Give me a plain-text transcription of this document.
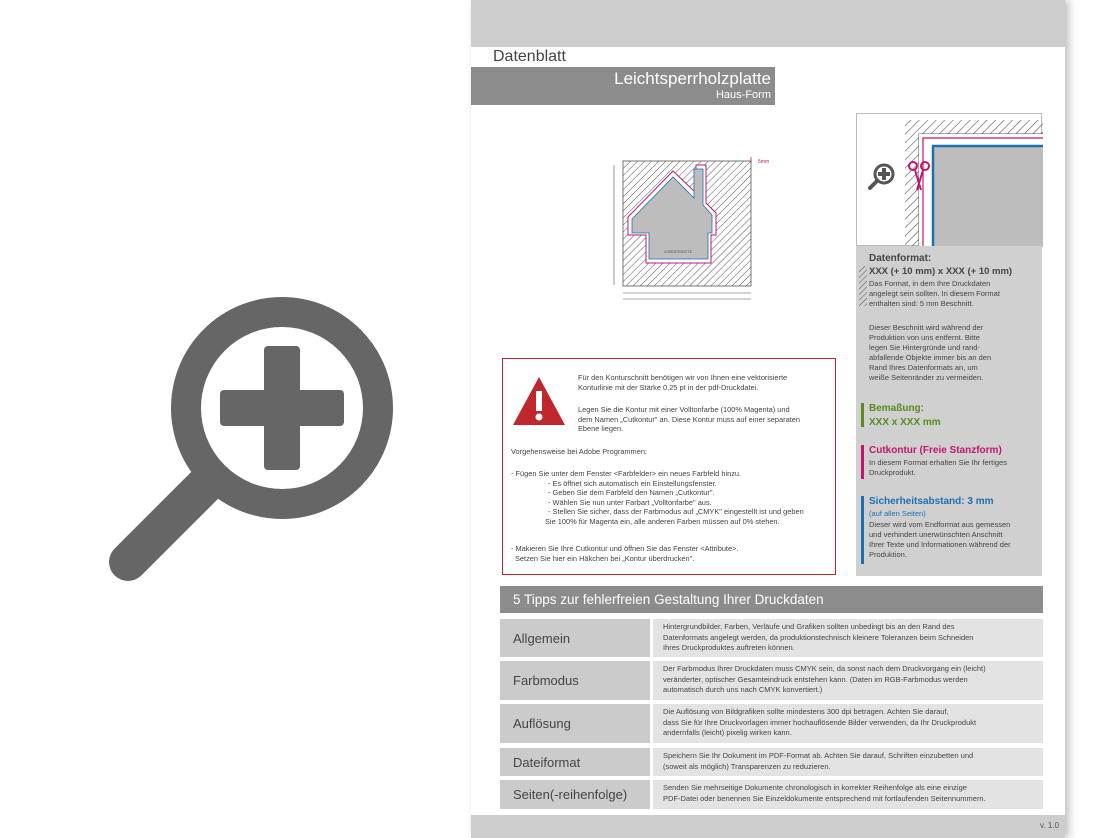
Datenblatt
Leichtsperrholzplatte
Haus-Form
VORDERSEITE
5mm
Datenformat:
XXX (+ 10 mm) x XXX (+ 10 mm)
Das Format, in dem Ihre Druckdaten
angelegt sein sollten. In diesem Format
enthalten sind: 5 mm Beschnitt.
Dieser Beschnitt wird während der
Produktion von uns entfernt. Bitte
legen Sie Hintergründe und rand-
abfallende Objekte immer bis an den
Rand Ihres Datenformats an, um
weiße Seitenränder zu vermeiden.
Bemaßung:
XXX x XXX mm
Cutkontur (Freie Stanzform)
In diesem Format erhalten Sie Ihr fertiges
Druckprodukt.
Sicherheitsabstand: 3 mm
(auf allen Seiten)
Dieser wird vom Endformat aus gemessen
und verhindert unerwünschten Anschnitt
Ihrer Texte und Informationen während der
Produktion.
Für den Konturschnitt benötigen wir von Ihnen eine vektorisierte
Konturlinie mit der Stärke 0,25 pt in der pdf-Druckdatei.
Legen Sie die Kontur mit einer Volltonfarbe (100% Magenta) und
dem Namen „Cutkontur" an. Diese Kontur muss auf einer separaten
Ebene liegen.
Vorgehensweise bei Adobe Programmen:
- Fügen Sie unter dem Fenster <Farbfelder> ein neues Farbfeld hinzu.
- Es öffnet sich automatisch ein Einstellungsfenster.
- Geben Sie dem Farbfeld den Namen „Cutkontur".
- Wählen Sie nun unter Farbart „Volltonfarbe" aus.
- Stellen Sie sicher, dass der Farbmodus auf „CMYK" eingestellt ist und geben
Sie 100% für Magenta ein, alle anderen Farben müssen auf 0% stehen.
- Makieren Sie Ihre Cutkontur und öffnen Sie das Fenster <Attribute>.
Setzen Sie hier ein Häkchen bei „Kontur überdrucken".
5 Tipps zur fehlerfreien Gestaltung Ihrer Druckdaten
Allgemein
Hintergrundbilder, Farben, Verläufe und Grafiken sollten unbedingt bis an den Rand des
Datenformats angelegt werden, da produktionstechnisch kleinere Toleranzen beim Schneiden
Ihres Druckproduktes auftreten können.
Farbmodus
Der Farbmodus Ihrer Druckdaten muss CMYK sein, da sonst nach dem Druckvorgang ein (leicht)
veränderter, optischer Gesamteindruck entstehen kann. (Daten im RGB-Farbmodus werden
automatisch durch uns nach CMYK konvertiert.)
Auflösung
Die Auflösung von Bildgrafiken sollte mindestens 300 dpi betragen. Achten Sie darauf,
dass Sie für Ihre Druckvorlagen immer hochauflösende Bilder verwenden, da Ihr Druckprodukt
andernfalls (leicht) pixelig wirken kann.
Dateiformat	Speichern Sie Ihr Dokument im PDF-Format ab. Achten Sie darauf, Schriften einzubetten und
(soweit als möglich) Transparenzen zu reduzieren.
Seiten(-reihenfolge)	Senden Sie mehrseitige Dokumente chronologisch in korrekter Reihenfolge als eine einzige
PDF-Datei oder benennen Sie Einzeldokumente entsprechend mit fortlaufenden Seitennummern.
v. 1.0
